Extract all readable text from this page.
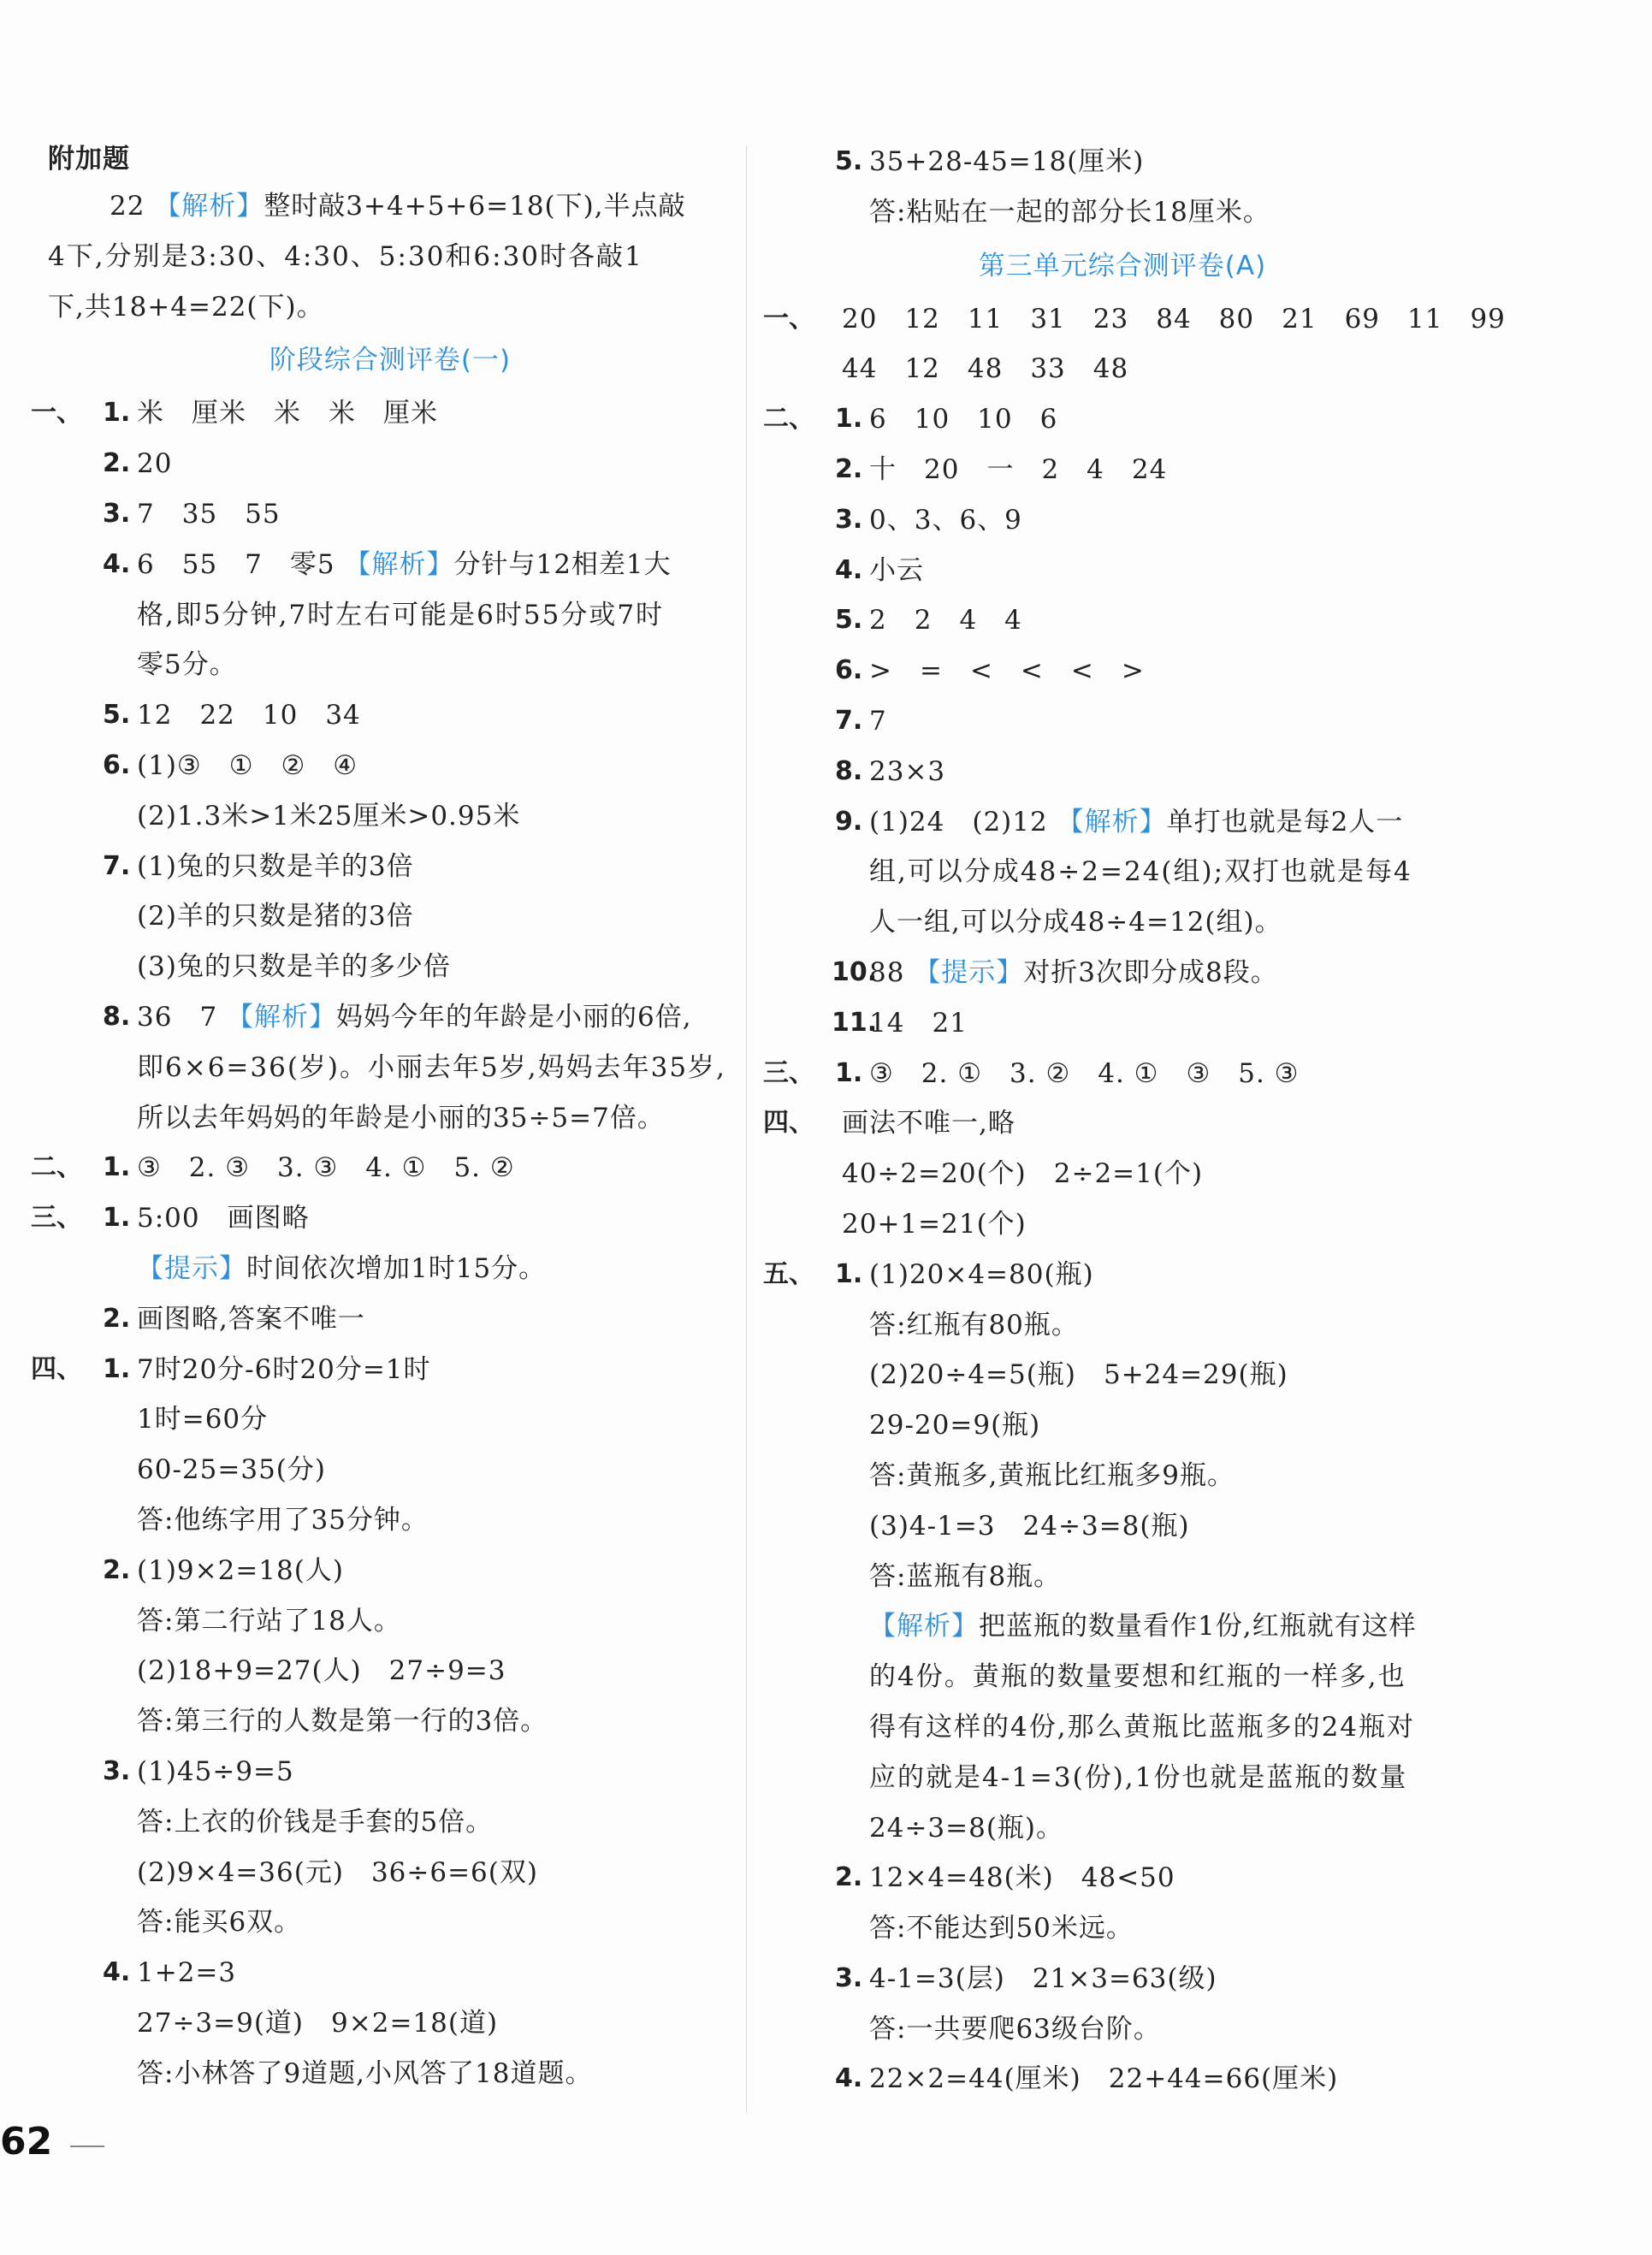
附加题
22 【解析】整时敲3+4+5+6=18(下),半点敲
4下,分别是3:30、4:30、5:30和6:30时各敲1
下,共18+4=22(下)。
阶段综合测评卷(一)
一、 1. 米　厘米　米　米　厘米
2. 20
3. 7　35　55
4. 6　55　7　零5 【解析】分针与12相差1大
格,即5分钟,7时左右可能是6时55分或7时
零5分。
5. 12　22　10　34
6. (1)③　①　②　④
(2)1.3米>1米25厘米>0.95米
7. (1)兔的只数是羊的3倍
(2)羊的只数是猪的3倍
(3)兔的只数是羊的多少倍
8. 36　7 【解析】妈妈今年的年龄是小丽的6倍,
即6×6=36(岁)。小丽去年5岁,妈妈去年35岁,
所以去年妈妈的年龄是小丽的35÷5=7倍。
二、 1. ③　2. ③　3. ③　4. ①　5. ②
三、 1. 5:00　画图略
【提示】时间依次增加1时15分。
2. 画图略,答案不唯一
四、 1. 7时20分-6时20分=1时
1时=60分
60-25=35(分)
答:他练字用了35分钟。
2. (1)9×2=18(人)
答:第二行站了18人。
(2)18+9=27(人)　27÷9=3
答:第三行的人数是第一行的3倍。
3. (1)45÷9=5
答:上衣的价钱是手套的5倍。
(2)9×4=36(元)　36÷6=6(双)
答:能买6双。
4. 1+2=3
27÷3=9(道)　9×2=18(道)
答:小林答了9道题,小风答了18道题。
5. 35+28-45=18(厘米)
答:粘贴在一起的部分长18厘米。
第三单元综合测评卷(A)
一、 20　12　11　31　23　84　80　21　69　11　99
44　12　48　33　48
二、 1. 6　10　10　6
2. 十　20　一　2　4　24
3. 0、3、6、9
4. 小云
5. 2　2　4　4
6. >　=　<　<　<　>
7. 7
8. 23×3
9. (1)24　(2)12 【解析】单打也就是每2人一
组,可以分成48÷2=24(组);双打也就是每4
人一组,可以分成48÷4=12(组)。
10.
88 【提示】对折3次即分成8段。
11.
14　21
三、 1. ③　2. ①　3. ②　4. ①　③　5. ③
四、 画法不唯一,略
40÷2=20(个)　2÷2=1(个)
20+1=21(个)
五、 1. (1)20×4=80(瓶)
答:红瓶有80瓶。
(2)20÷4=5(瓶)　5+24=29(瓶)
29-20=9(瓶)
答:黄瓶多,黄瓶比红瓶多9瓶。
(3)4-1=3　24÷3=8(瓶)
答:蓝瓶有8瓶。
【解析】把蓝瓶的数量看作1份,红瓶就有这样
的4份。黄瓶的数量要想和红瓶的一样多,也
得有这样的4份,那么黄瓶比蓝瓶多的24瓶对
应的就是4-1=3(份),1份也就是蓝瓶的数量
24÷3=8(瓶)。
2. 12×4=48(米)　48<50
答:不能达到50米远。
3. 4-1=3(层)　21×3=63(级)
答:一共要爬63级台阶。
4. 22×2=44(厘米)　22+44=66(厘米)
62
